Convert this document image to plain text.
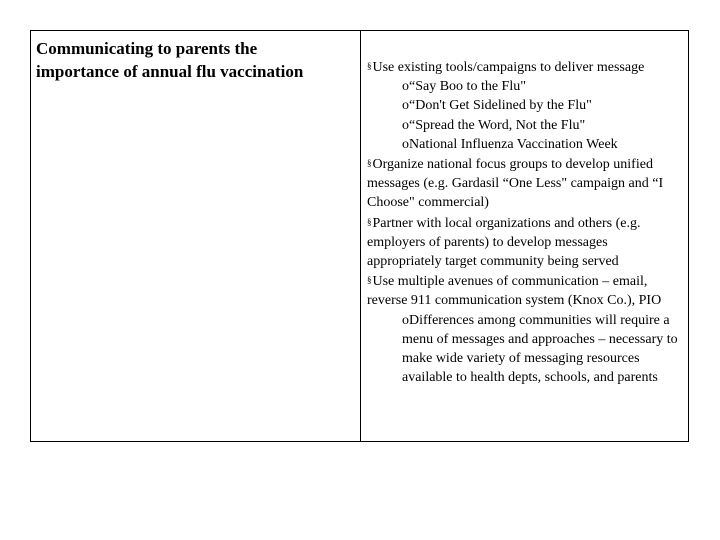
Communicating to parents the
importance of annual flu vaccination	§Use existing tools/campaigns to deliver message

o“Say Boo to the Flu"

o“Don't Get Sidelined by the Flu"

o“Spread the Word, Not the Flu"

oNational Influenza Vaccination Week

§Organize national focus groups to develop unified messages (e.g. Gardasil “One Less" campaign and “I Choose" commercial)

§Partner with local organizations and others (e.g. employers of parents) to develop messages appropriately target community being served

§Use multiple avenues of communication – email, reverse 911 communication system (Knox Co.), PIO

oDifferences among communities will require a menu of messages and approaches – necessary to make wide variety of messaging resources available to health depts, schools, and parents
